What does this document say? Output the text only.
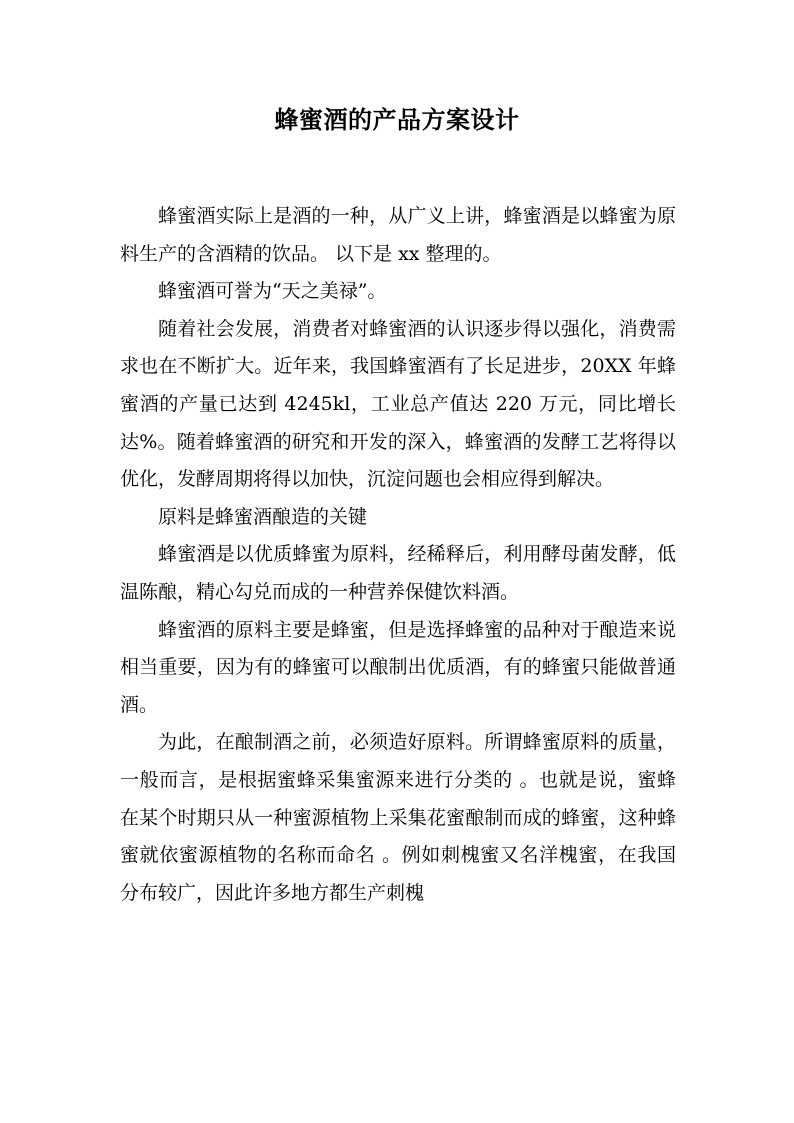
蜂蜜酒的产品方案设计

蜂蜜酒实际上是酒的一种，从广义上讲，蜂蜜酒是以蜂蜜为原料生产的含酒精的饮品。 以下是 xx 整理的。

蜂蜜酒可誉为“天之美禄”。

随着社会发展，消费者对蜂蜜酒的认识逐步得以强化，消费需求也在不断扩大。近年来，我国蜂蜜酒有了长足进步，20XX 年蜂蜜酒的产量已达到 4245kl，工业总产值达 220 万元，同比增长达%。随着蜂蜜酒的研究和开发的深入，蜂蜜酒的发酵工艺将得以优化，发酵周期将得以加快，沉淀问题也会相应得到解决。

原料是蜂蜜酒酿造的关键

蜂蜜酒是以优质蜂蜜为原料，经稀释后，利用酵母菌发酵，低温陈酿，精心勾兑而成的一种营养保健饮料酒。

蜂蜜酒的原料主要是蜂蜜，但是选择蜂蜜的品种对于酿造来说相当重要，因为有的蜂蜜可以酿制出优质酒，有的蜂蜜只能做普通酒。

为此，在酿制酒之前，必须造好原料。所谓蜂蜜原料的质量，一般而言，是根据蜜蜂采集蜜源来进行分类的 。也就是说，蜜蜂在某个时期只从一种蜜源植物上采集花蜜酿制而成的蜂蜜，这种蜂蜜就依蜜源植物的名称而命名 。例如刺槐蜜又名洋槐蜜，在我国分布较广，因此许多地方都生产刺槐
